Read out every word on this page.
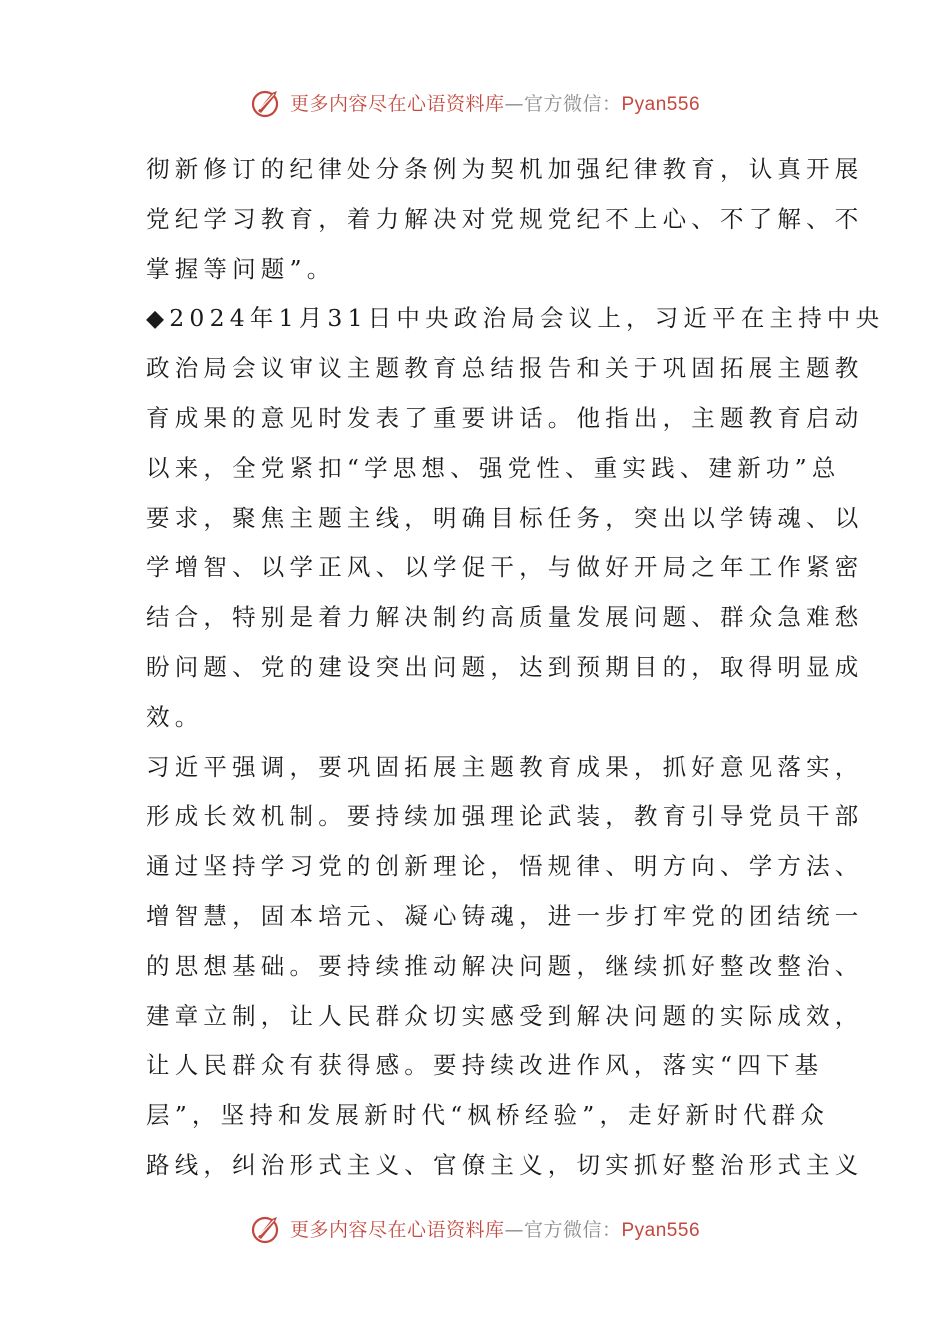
更多内容尽在心语资料库—官方微信：Pyan556

彻新修订的纪律处分条例为契机加强纪律教育，认真开展
党纪学习教育，着力解决对党规党纪不上心、不了解、不
掌握等问题”。

◆2024年1月31日中央政治局会议上，习近平在主持中央
政治局会议审议主题教育总结报告和关于巩固拓展主题教
育成果的意见时发表了重要讲话。他指出，主题教育启动
以来，全党紧扣“学思想、强党性、重实践、建新功”总
要求，聚焦主题主线，明确目标任务，突出以学铸魂、以
学增智、以学正风、以学促干，与做好开局之年工作紧密
结合，特别是着力解决制约高质量发展问题、群众急难愁
盼问题、党的建设突出问题，达到预期目的，取得明显成
效。

习近平强调，要巩固拓展主题教育成果，抓好意见落实，
形成长效机制。要持续加强理论武装，教育引导党员干部
通过坚持学习党的创新理论，悟规律、明方向、学方法、
增智慧，固本培元、凝心铸魂，进一步打牢党的团结统一
的思想基础。要持续推动解决问题，继续抓好整改整治、
建章立制，让人民群众切实感受到解决问题的实际成效，
让人民群众有获得感。要持续改进作风，落实“四下基
层”，坚持和发展新时代“枫桥经验”，走好新时代群众
路线，纠治形式主义、官僚主义，切实抓好整治形式主义

更多内容尽在心语资料库—官方微信：Pyan556
